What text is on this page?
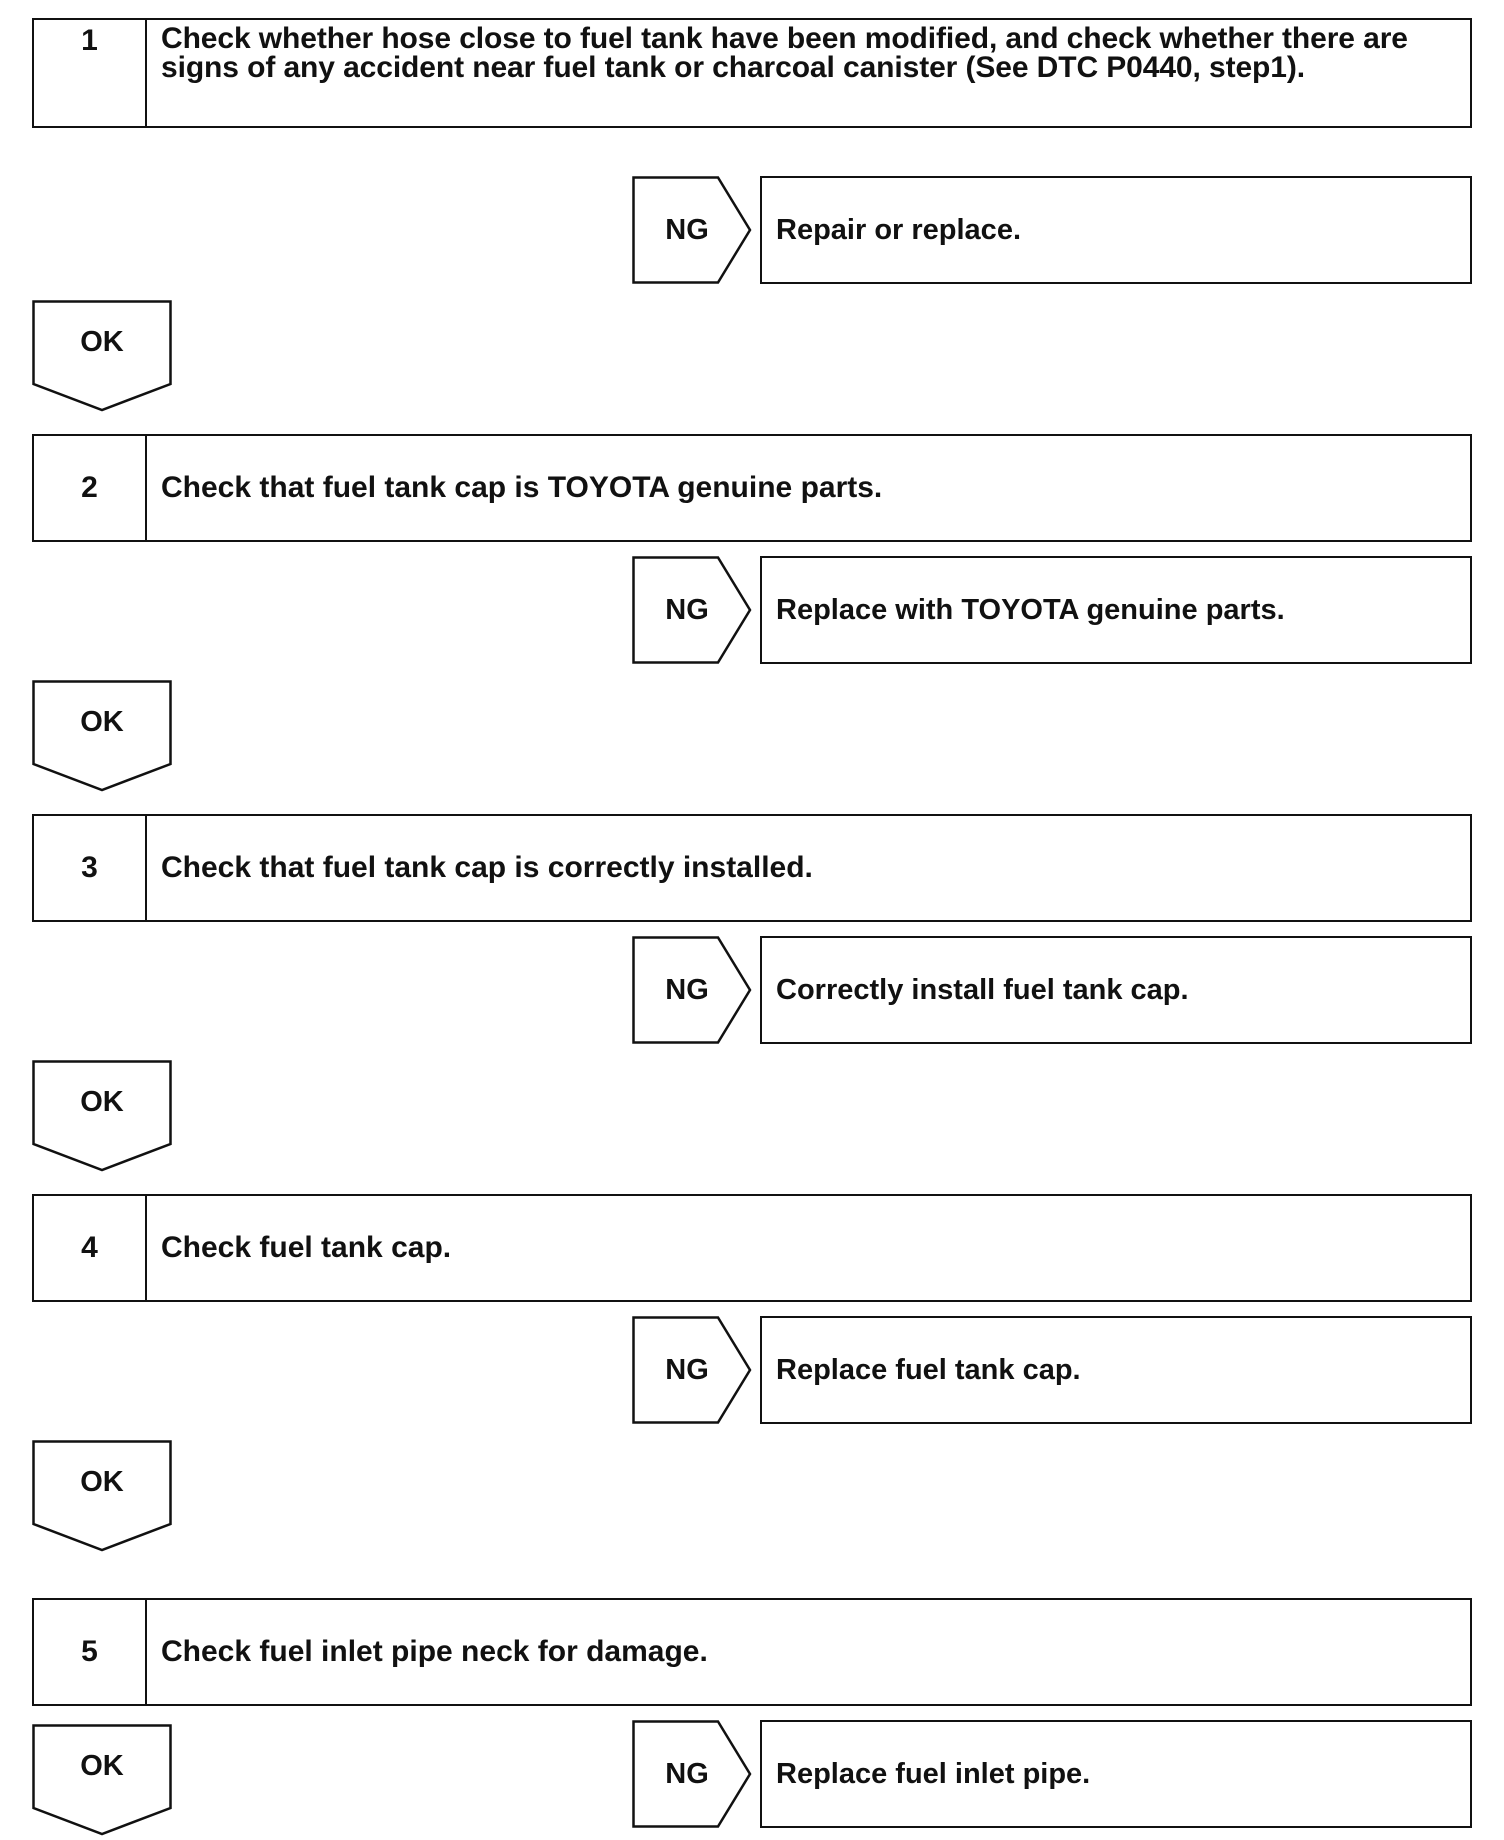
1	Check whether hose close to fuel tank have been modified, and check whether there are signs of any accident near fuel tank or charcoal canister (See DTC P0440, step1).
NG	Repair or replace.
OK
2	Check that fuel tank cap is TOYOTA genuine parts.
NG	Replace with TOYOTA genuine parts.
OK
3	Check that fuel tank cap is correctly installed.
NG	Correctly install fuel tank cap.
OK
4	Check fuel tank cap.
NG	Replace fuel tank cap.
OK
5	Check fuel inlet pipe neck for damage.
OK	NG	Replace fuel inlet pipe.
